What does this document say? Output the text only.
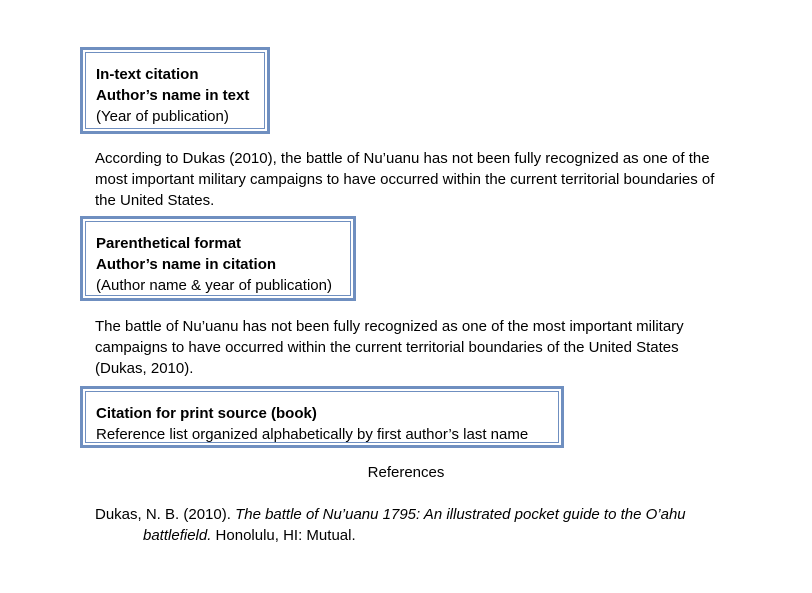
In-text citation
Author’s name in text
(Year of publication)
According to Dukas (2010), the battle of Nu’uanu has not been fully recognized as one of the most important military campaigns to have occurred within the current territorial boundaries of the United States.
Parenthetical format
Author’s name in citation
(Author name & year of publication)
The battle of Nu’uanu has not been fully recognized as one of the most important military campaigns to have occurred within the current territorial boundaries of the United States (Dukas, 2010).
Citation for print source (book)
Reference list organized alphabetically by first author’s last name
References
Dukas, N. B. (2010). The battle of Nu’uanu 1795: An illustrated pocket guide to the O’ahu battlefield. Honolulu, HI: Mutual.
